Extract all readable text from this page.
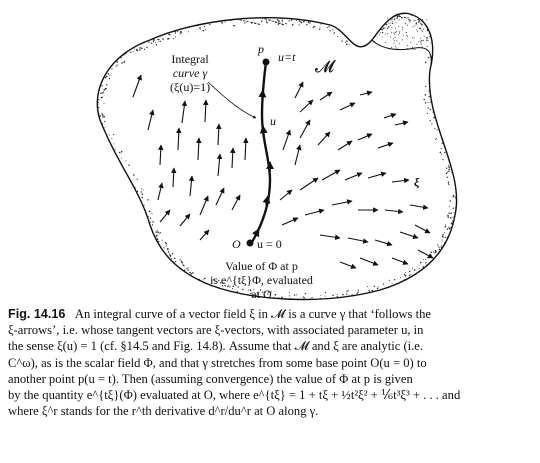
Integral
curve γ
(ξ(u)=1)
p
u=t 𝓜
u
ξ
O u = 0
Value of Φ at p
is e^{tξ}Φ, evaluated
at O
Fig. 14.16 An integral curve of a vector field ξ in 𝓜 is a curve γ that ‘follows the
ξ-arrows’, i.e. whose tangent vectors are ξ-vectors, with associated parameter u, in
the sense ξ(u) = 1 (cf. §14.5 and Fig. 14.8). Assume that 𝓜 and ξ are analytic (i.e.
C^ω), as is the scalar field Φ, and that γ stretches from some base point O(u = 0) to
another point p(u = t). Then (assuming convergence) the value of Φ at p is given
by the quantity e^{tξ}(Φ) evaluated at O, where e^{tξ} = 1 + tξ + ½t²ξ² + ⅙t³ξ³ + . . . and
where ξ^r stands for the r^th derivative d^r/du^r at O along γ.
